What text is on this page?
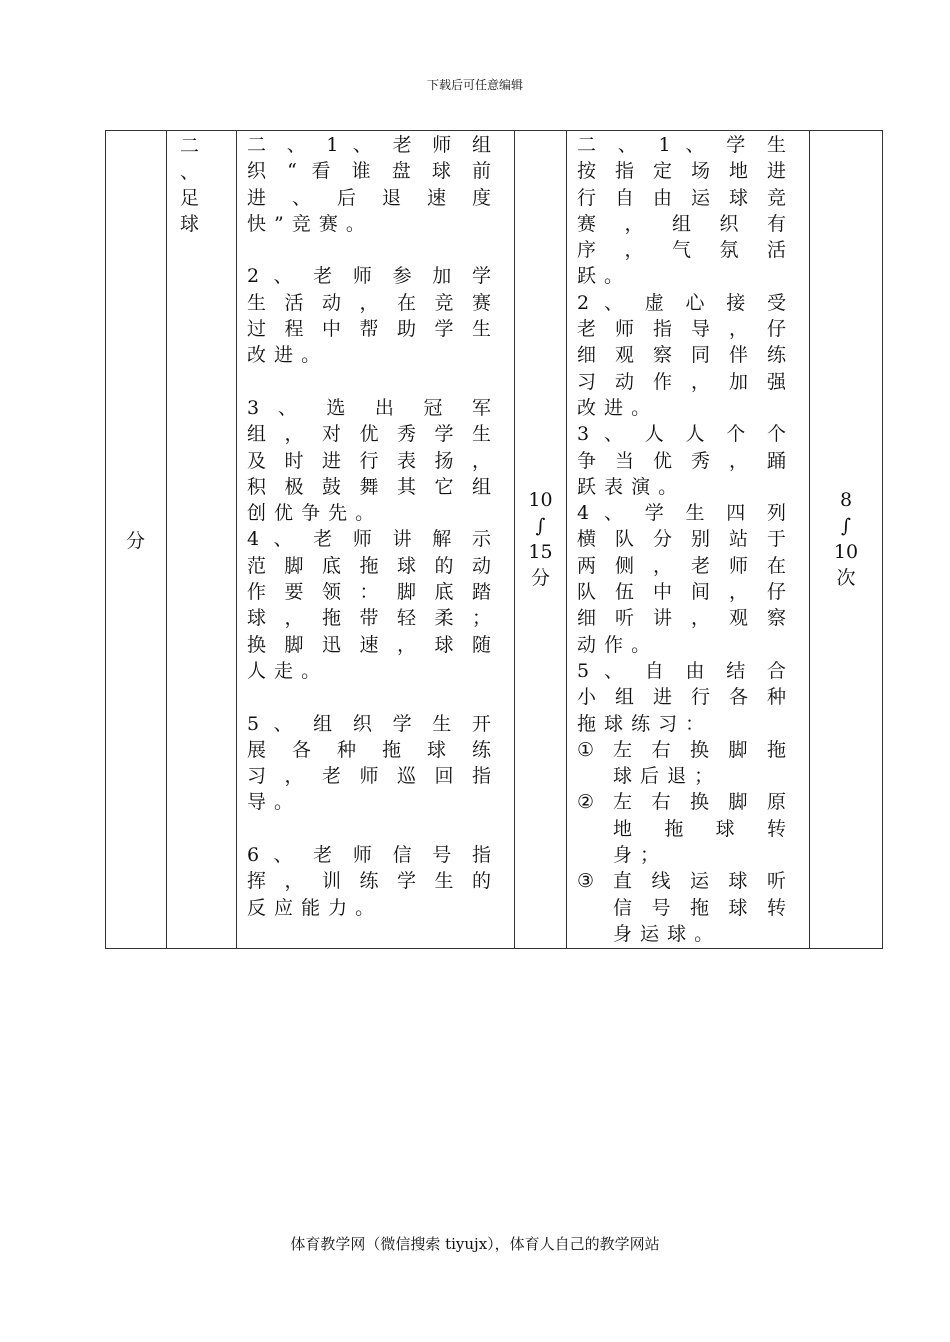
下载后可任意编辑
分
二
、
足
球

二 、 1 、 老 师 组

织 “ 看 谁 盘 球 前

进 、 后 退 速 度

快 ” 竞 赛 。

2 、 老 师 参 加 学

生 活 动 ， 在 竞 赛

过 程 中 帮 助 学 生

改 进 。

3 、 选 出 冠 军

组 ， 对 优 秀 学 生

及 时 进 行 表 扬 ，

积 极 鼓 舞 其 它 组

创 优 争 先 。

4 、 老 师 讲 解 示

范 脚 底 拖 球 的 动

作 要 领 ： 脚 底 踏

球 ， 拖 带 轻 柔 ；

换 脚 迅 速 ， 球 随

人 走 。

5 、 组 织 学 生 开

展 各 种 拖 球 练

习 ， 老 师 巡 回 指

导 。

6 、 老 师 信 号 指

挥 ， 训 练 学 生 的

反 应 能 力 。

10
∫
15
分

二 、 1 、 学 生

按 指 定 场 地 进

行 自 由 运 球 竞

赛 ， 组 织 有

序 ， 气 氛 活

跃 。

2 、 虚 心 接 受

老 师 指 导 ， 仔

细 观 察 同 伴 练

习 动 作 ， 加 强

改 进 。

3 、 人 人 个 个

争 当 优 秀 ， 踊

跃 表 演 。

4 、 学 生 四 列

横 队 分 别 站 于

两 侧 ， 老 师 在

队 伍 中 间 ， 仔

细 听 讲 ， 观 察

动 作 。

5 、 自 由 结 合

小 组 进 行 各 种

拖 球 练 习 ：

① 左 右 换 脚 拖

球 后 退 ；

② 左 右 换 脚 原

地 拖 球 转

身 ；

③ 直 线 运 球 听

信 号 拖 球 转

身 运 球 。

8
∫
10
次
体育教学网（微信搜索 tiyujx），体育人自己的教学网站
